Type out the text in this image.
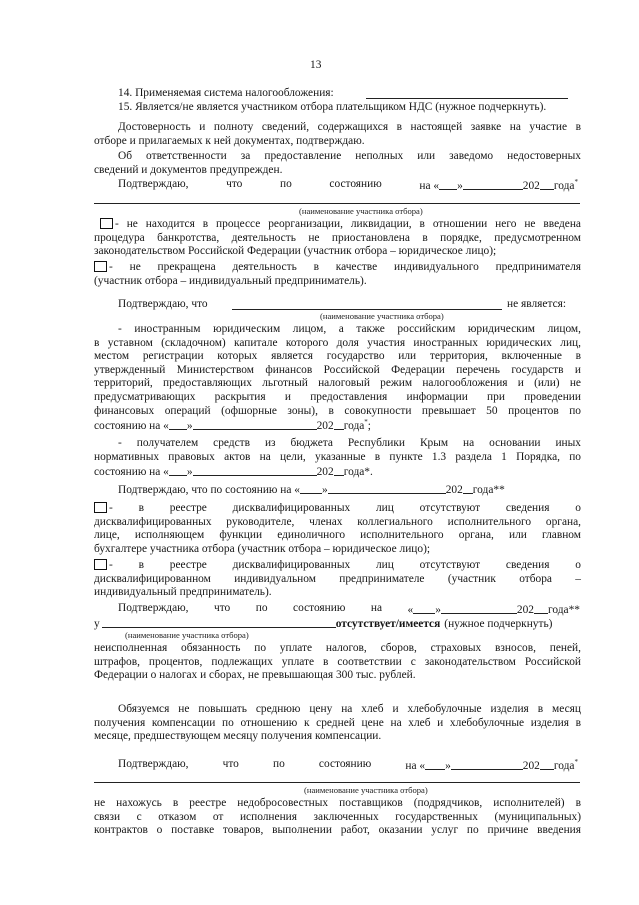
13
14. Применяемая система налогообложения:
15. Является/не является участником отбора плательщиком НДС (нужное подчеркнуть).
Достоверность и полноту сведений, содержащихся в настоящей заявке на участие в
отборе и прилагаемых к ней документах, подтверждаю.
Об ответственности за предоставление неполных или заведомо недостоверных
сведений и документов предупрежден.
Подтверждаю,	что	по	состоянию	на « »	202 года*
(наименование участника отбора)
- не находится в процессе реорганизации, ликвидации, в отношении него не введена
процедура банкротства, деятельность не приостановлена в порядке, предусмотренном
законодательством Российской Федерации (участник отбора – юридическое лицо);
- не прекращена деятельность в качестве индивидуального предпринимателя
(участник отбора – индивидуальный предприниматель).
Подтверждаю, что	не является:
(наименование участника отбора)
- иностранным юридическим лицом, а также российским юридическим лицом,
в уставном (складочном) капитале которого доля участия иностранных юридических лиц,
местом регистрации которых является государство или территория, включенные в
утвержденный Министерством финансов Российской Федерации перечень государств и
территорий, предоставляющих льготный налоговый режим налогообложения и (или) не
предусматривающих раскрытия и предоставления информации при проведении
финансовых операций (офшорные зоны), в совокупности превышает 50 процентов по
состоянию на « »	202 года*;
- получателем средств из бюджета Республики Крым на основании иных
нормативных правовых актов на цели, указанные в пункте 1.3 раздела 1 Порядка, по
состоянию на « »	202 года*.
Подтверждаю, что по состоянию на « »	202 года**
- в реестре дисквалифицированных лиц отсутствуют сведения о
дисквалифицированных руководителе, членах коллегиального исполнительного органа,
лице, исполняющем функции единоличного исполнительного органа, или главном
бухгалтере участника отбора (участник отбора – юридическое лицо);
- в реестре дисквалифицированных лиц отсутствуют сведения о
дисквалифицированном индивидуальном предпринимателе (участник отбора –
индивидуальный предприниматель).
Подтверждаю, что по состоянию на « »	202 года**
у	отсутствует/имеется (нужное подчеркнуть)
(наименование участника отбора)
неисполненная обязанность по уплате налогов, сборов, страховых взносов, пеней,
штрафов, процентов, подлежащих уплате в соответствии с законодательством Российской
Федерации о налогах и сборах, не превышающая 300 тыс. рублей.
Обязуемся не повышать среднюю цену на хлеб и хлебобулочные изделия в месяц
получения компенсации по отношению к средней цене на хлеб и хлебобулочные изделия в
месяце, предшествующем месяцу получения компенсации.
Подтверждаю,	что	по	состоянию	на « »	202 года*
(наименование участника отбора)
не нахожусь в реестре недобросовестных поставщиков (подрядчиков, исполнителей) в
связи с отказом от исполнения заключенных государственных (муниципальных)
контрактов о поставке товаров, выполнении работ, оказании услуг по причине введения
